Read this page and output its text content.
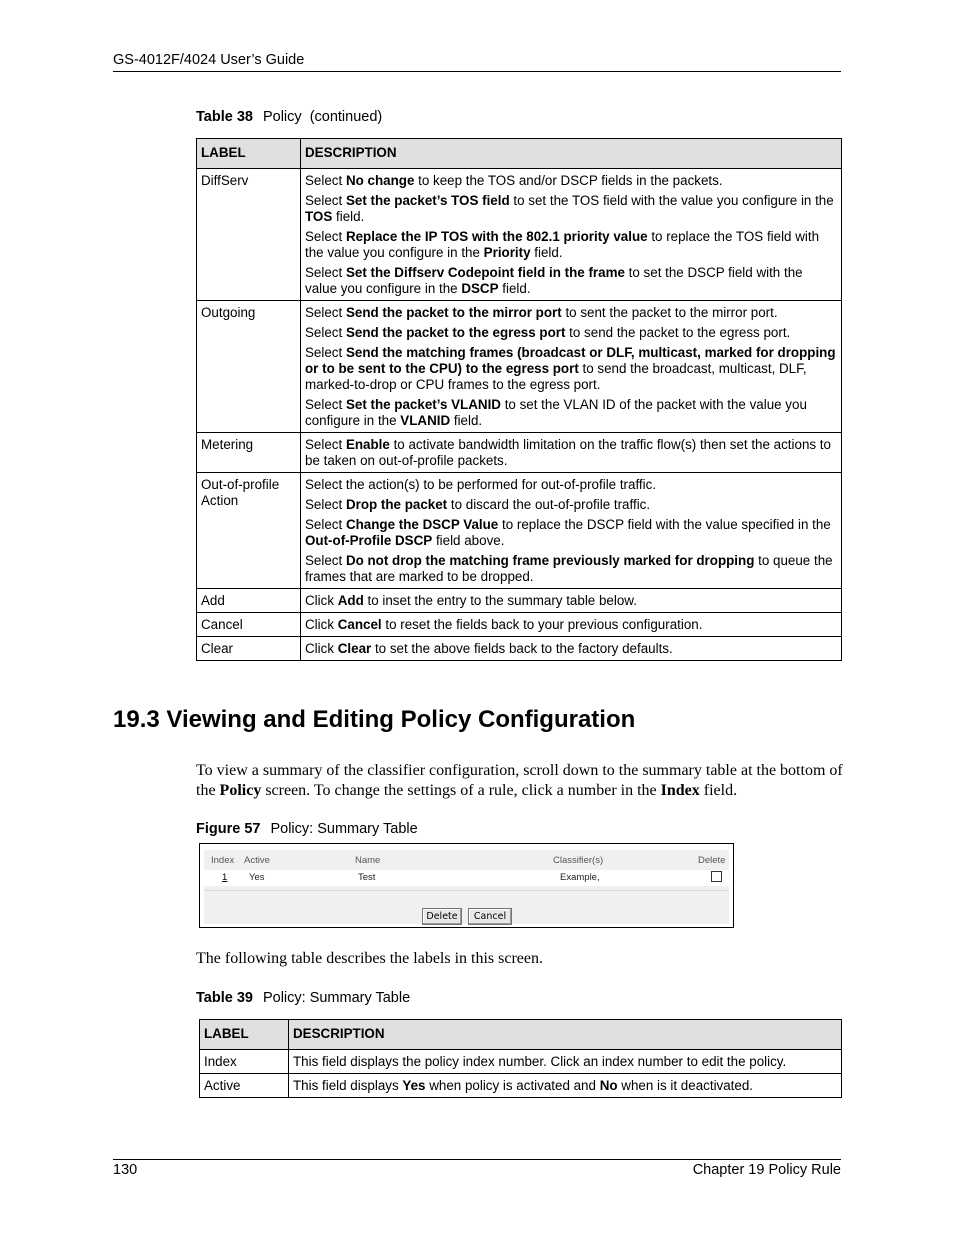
GS-4012F/4024 User’s Guide
Table 38 Policy  (continued)
LABEL	DESCRIPTION
DiffServ	Select No change to keep the TOS and/or DSCP fields in the packets.

Select Set the packet’s TOS field to set the TOS field with the value you configure in the TOS field.

Select Replace the IP TOS with the 802.1 priority value to replace the TOS field with the value you configure in the Priority field.

Select Set the Diffserv Codepoint field in the frame to set the DSCP field with the value you configure in the DSCP field.

Outgoing	Select Send the packet to the mirror port to sent the packet to the mirror port.

Select Send the packet to the egress port to send the packet to the egress port.

Select Send the matching frames (broadcast or DLF, multicast, marked for dropping or to be sent to the CPU) to the egress port to send the broadcast, multicast, DLF, marked-to-drop or CPU frames to the egress port.

Select Set the packet’s VLANID to set the VLAN ID of the packet with the value you configure in the VLANID field.

Metering	Select Enable to activate bandwidth limitation on the traffic flow(s) then set the actions to be taken on out-of-profile packets.

Out-of-profile Action	Select the action(s) to be performed for out-of-profile traffic.

Select Drop the packet to discard the out-of-profile traffic.

Select Change the DSCP Value to replace the DSCP field with the value specified in the Out-of-Profile DSCP field above.

Select Do not drop the matching frame previously marked for dropping to queue the frames that are marked to be dropped.

Add	Click Add to inset the entry to the summary table below.

Cancel	Click Cancel to reset the fields back to your previous configuration.

Clear	Click Clear to set the above fields back to the factory defaults.

19.3 Viewing and Editing Policy Configuration
To view a summary of the classifier configuration, scroll down to the summary table at the bottom of the Policy screen. To change the settings of a rule, click a number in the Index field.
Figure 57 Policy: Summary Table
Index Active	Name	Classifier(s)	Delete
1 Yes	Test	Example,
Delete	Cancel
The following table describes the labels in this screen.
Table 39 Policy: Summary Table
LABEL	DESCRIPTION
Index	This field displays the policy index number. Click an index number to edit the policy.

Active	This field displays Yes when policy is activated and No when is it deactivated.

130	Chapter 19 Policy Rule
